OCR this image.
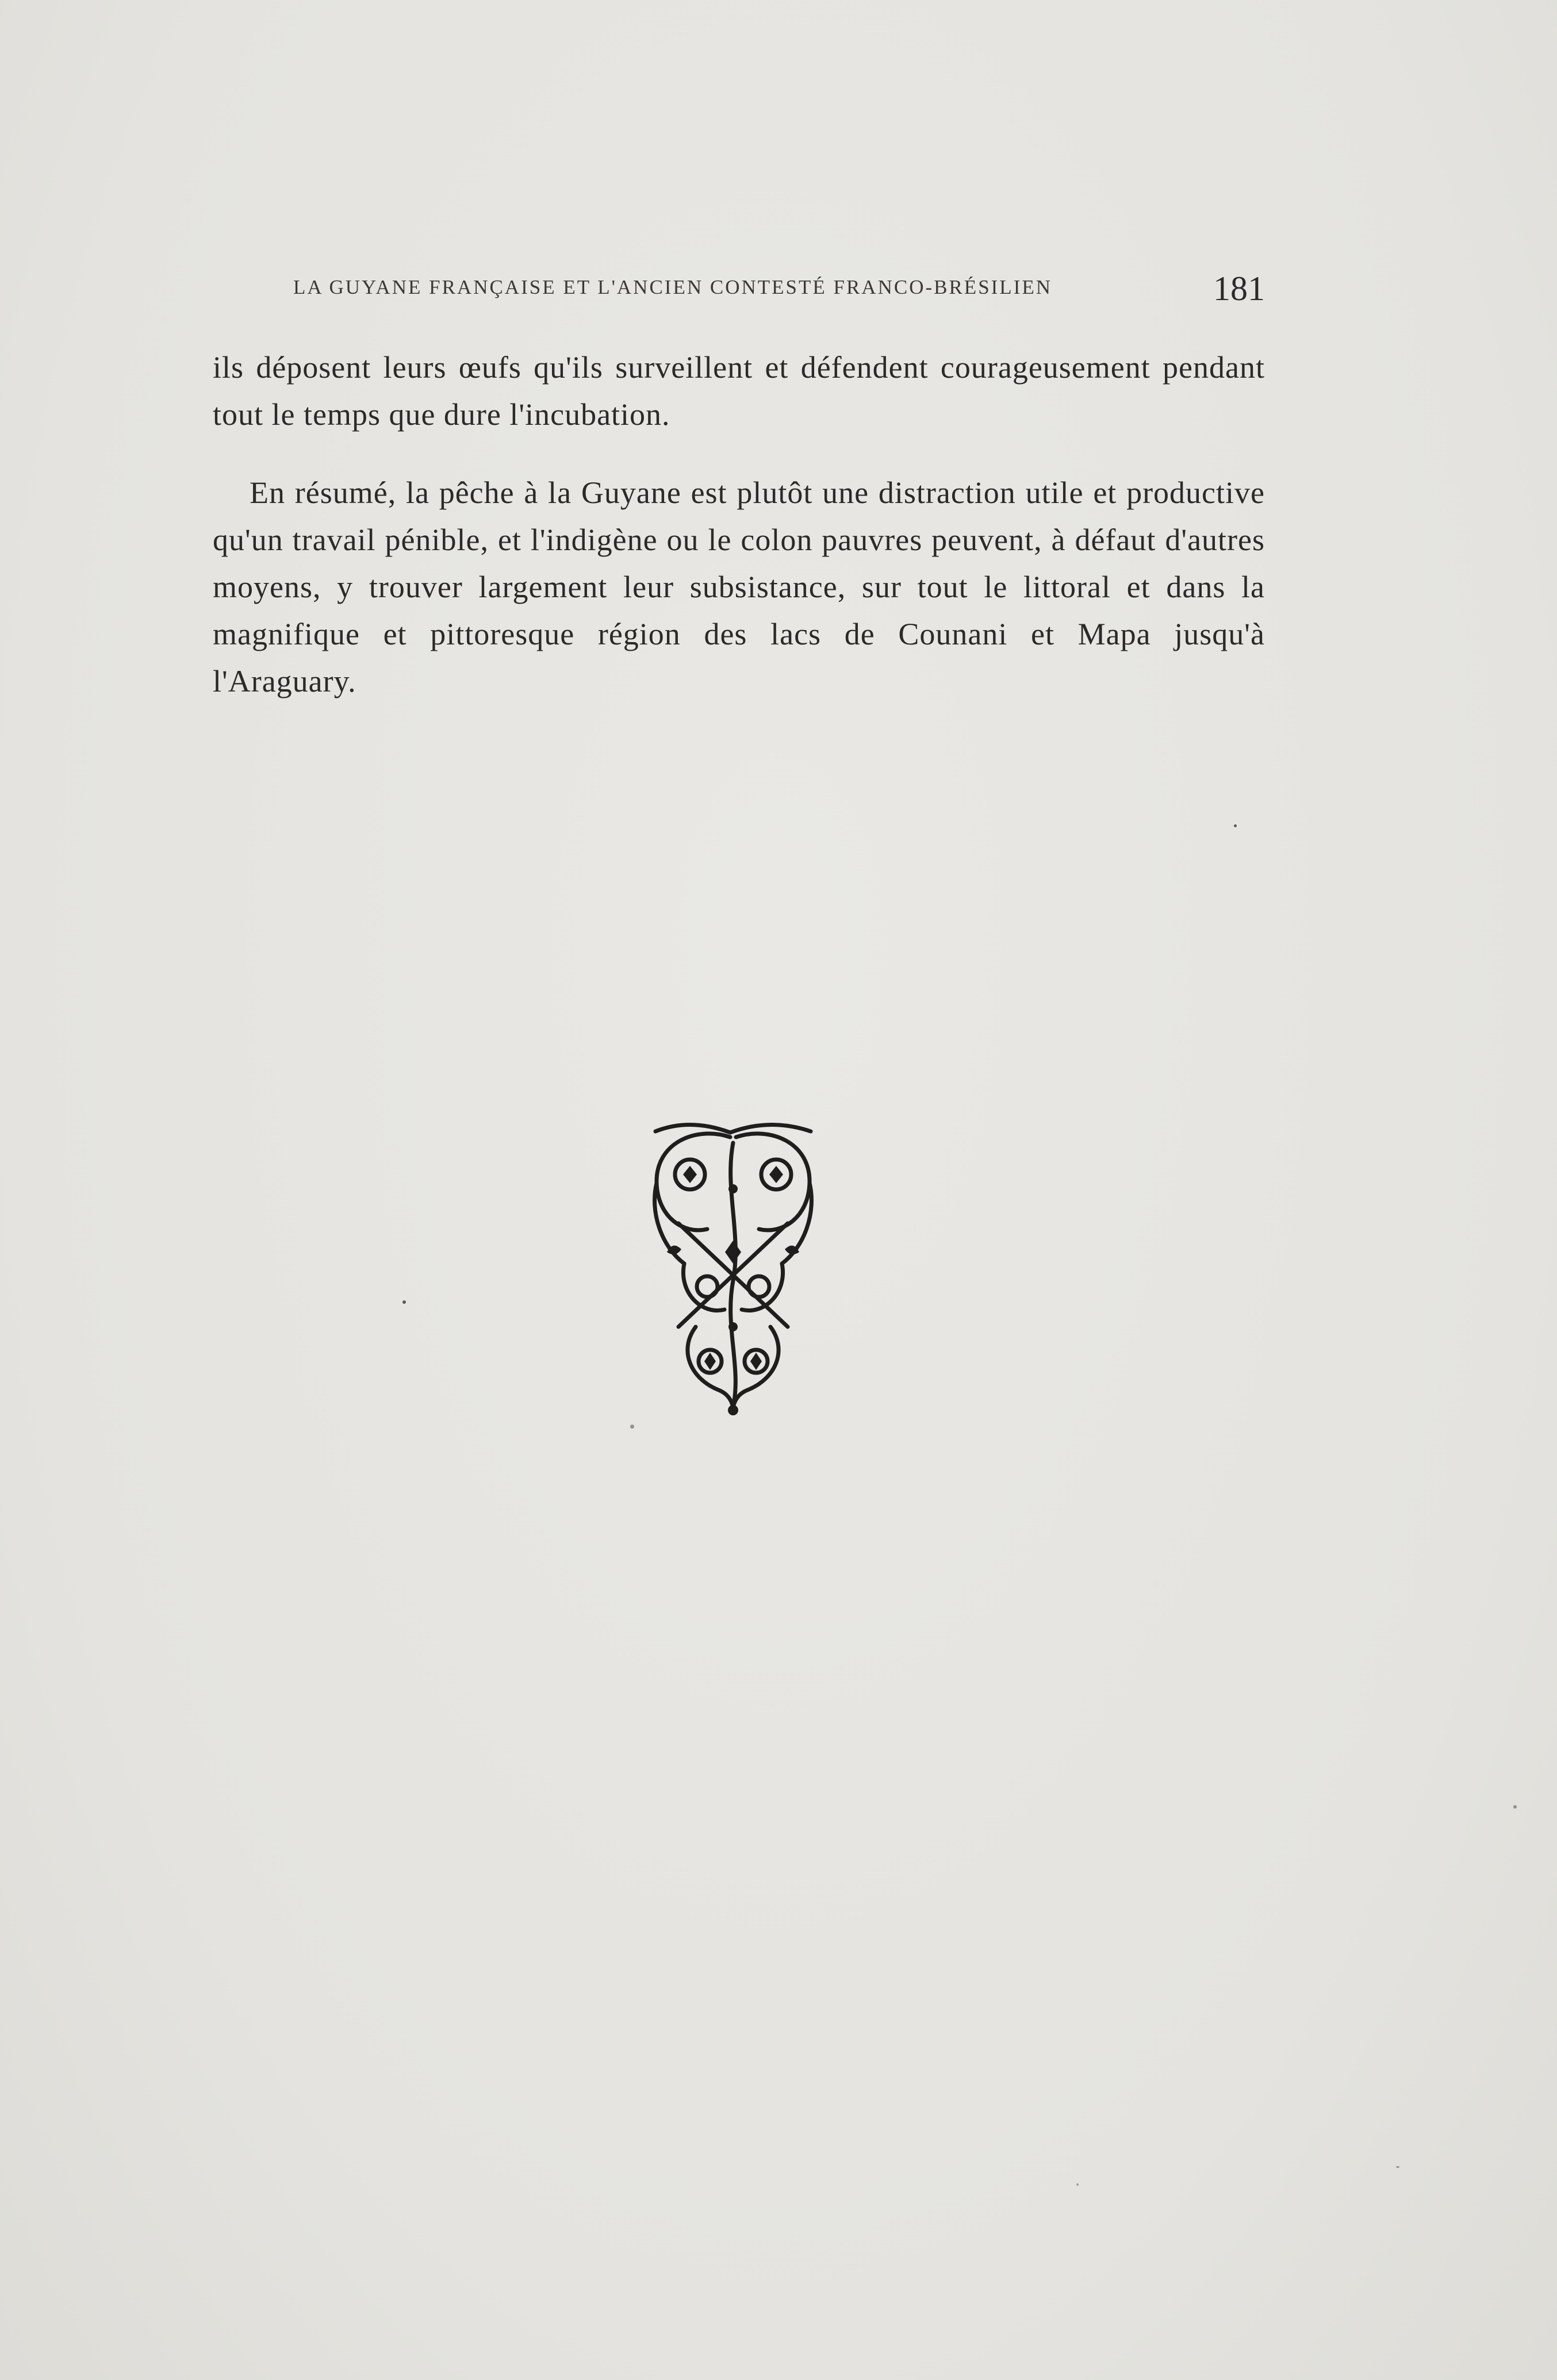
LA GUYANE FRANÇAISE ET L'ANCIEN CONTESTÉ FRANCO-BRÉSILIEN	181

ils déposent leurs œufs qu'ils surveillent et défendent courageusement pendant tout le temps que dure l'incubation.

En résumé, la pêche à la Guyane est plutôt une distraction utile et productive qu'un travail pénible, et l'indigène ou le colon pauvres peuvent, à défaut d'autres moyens, y trouver largement leur subsistance, sur tout le littoral et dans la magnifique et pittoresque région des lacs de Counani et Mapa jusqu'à l'Araguary.
